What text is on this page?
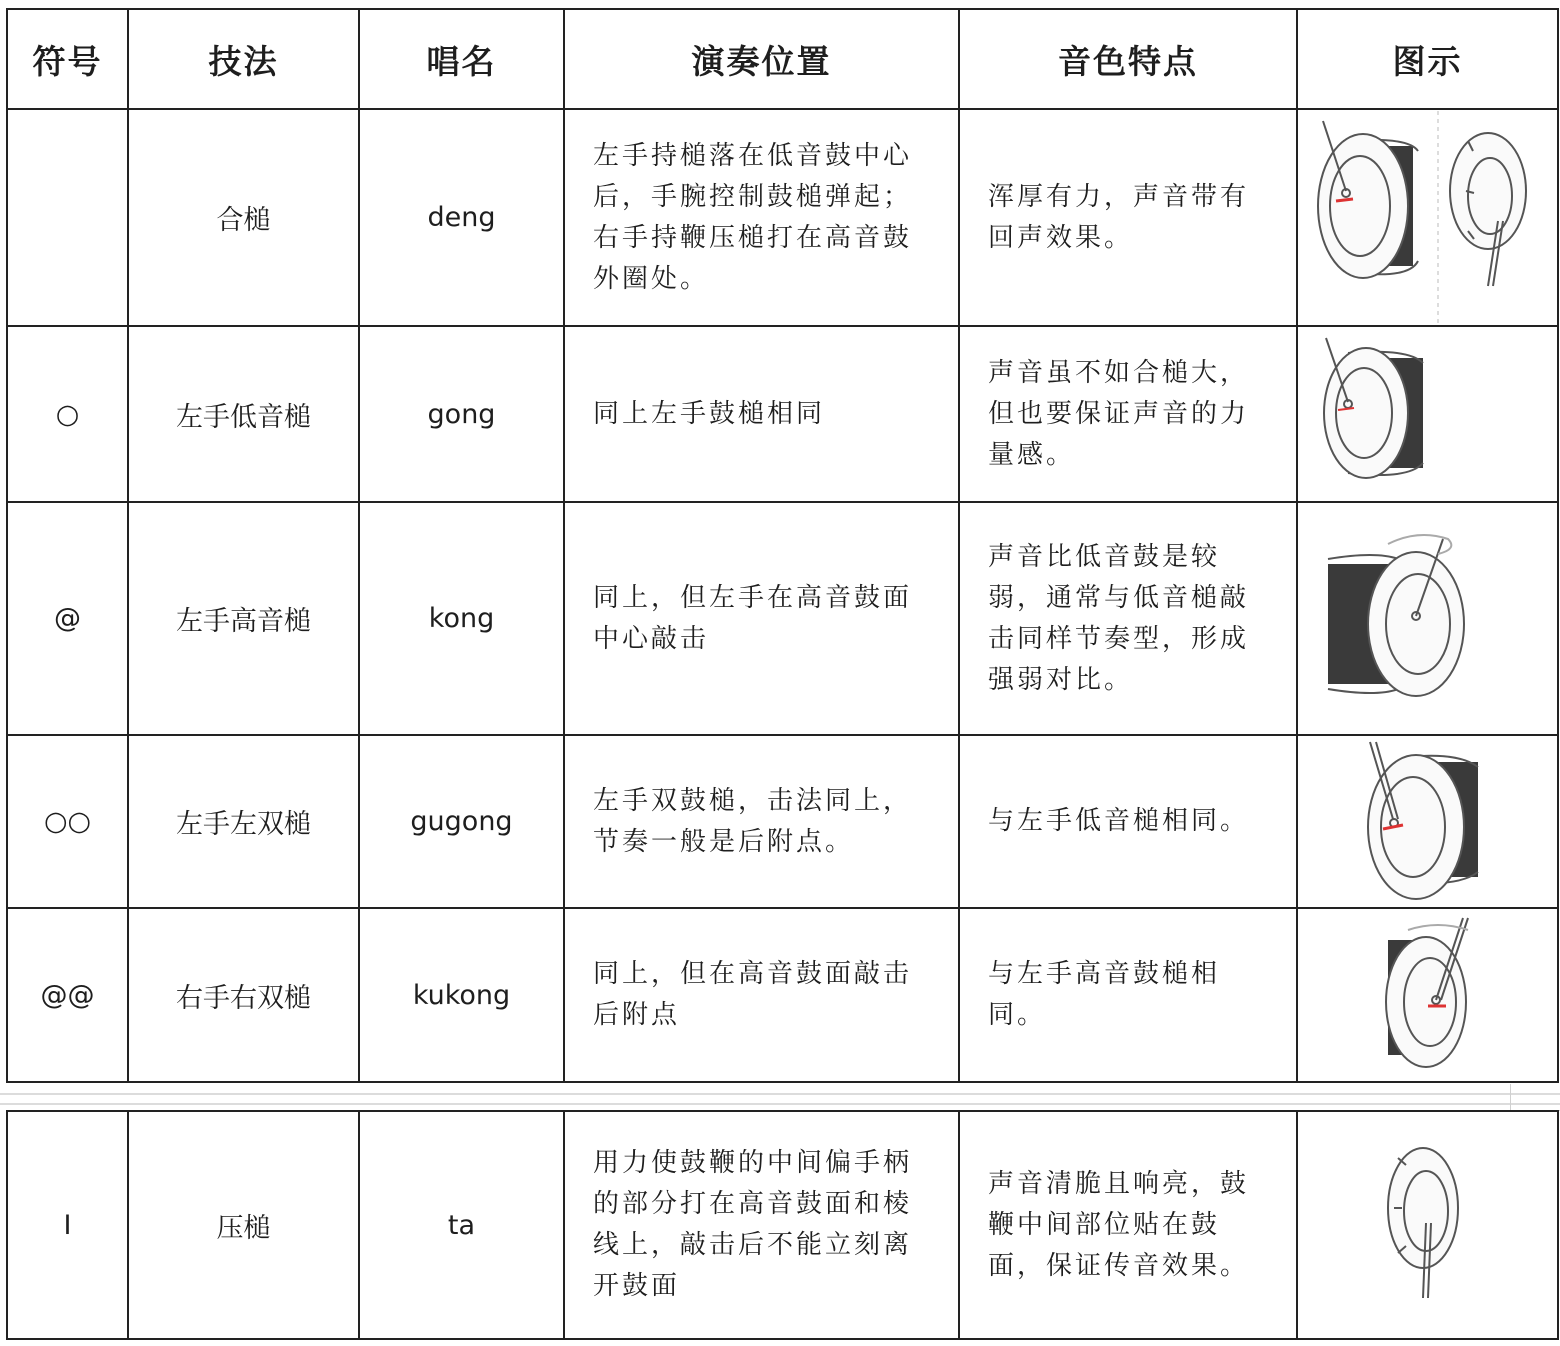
符号	技法	唱名	演奏位置	音色特点	图示
	合槌	deng	左手持槌落在低音鼓中心后，手腕控制鼓槌弹起；右手持鞭压槌打在高音鼓外圈处。	浑厚有力，声音带有回声效果。	

○	左手低音槌	gong	同上左手鼓槌相同	声音虽不如合槌大，但也要保证声音的力量感。	

@	左手高音槌	kong	同上，但左手在高音鼓面中心敲击	声音比低音鼓是较弱，通常与低音槌敲击同样节奏型，形成强弱对比。	

○○	左手左双槌	gugong	左手双鼓槌，击法同上，节奏一般是后附点。	与左手低音槌相同。	

@@	右手右双槌	kukong	同上，但在高音鼓面敲击后附点	与左手高音鼓槌相同。	
I	压槌	ta	用力使鼓鞭的中间偏手柄的部分打在高音鼓面和棱线上，敲击后不能立刻离开鼓面	声音清脆且响亮，鼓鞭中间部位贴在鼓面，保证传音效果。	
